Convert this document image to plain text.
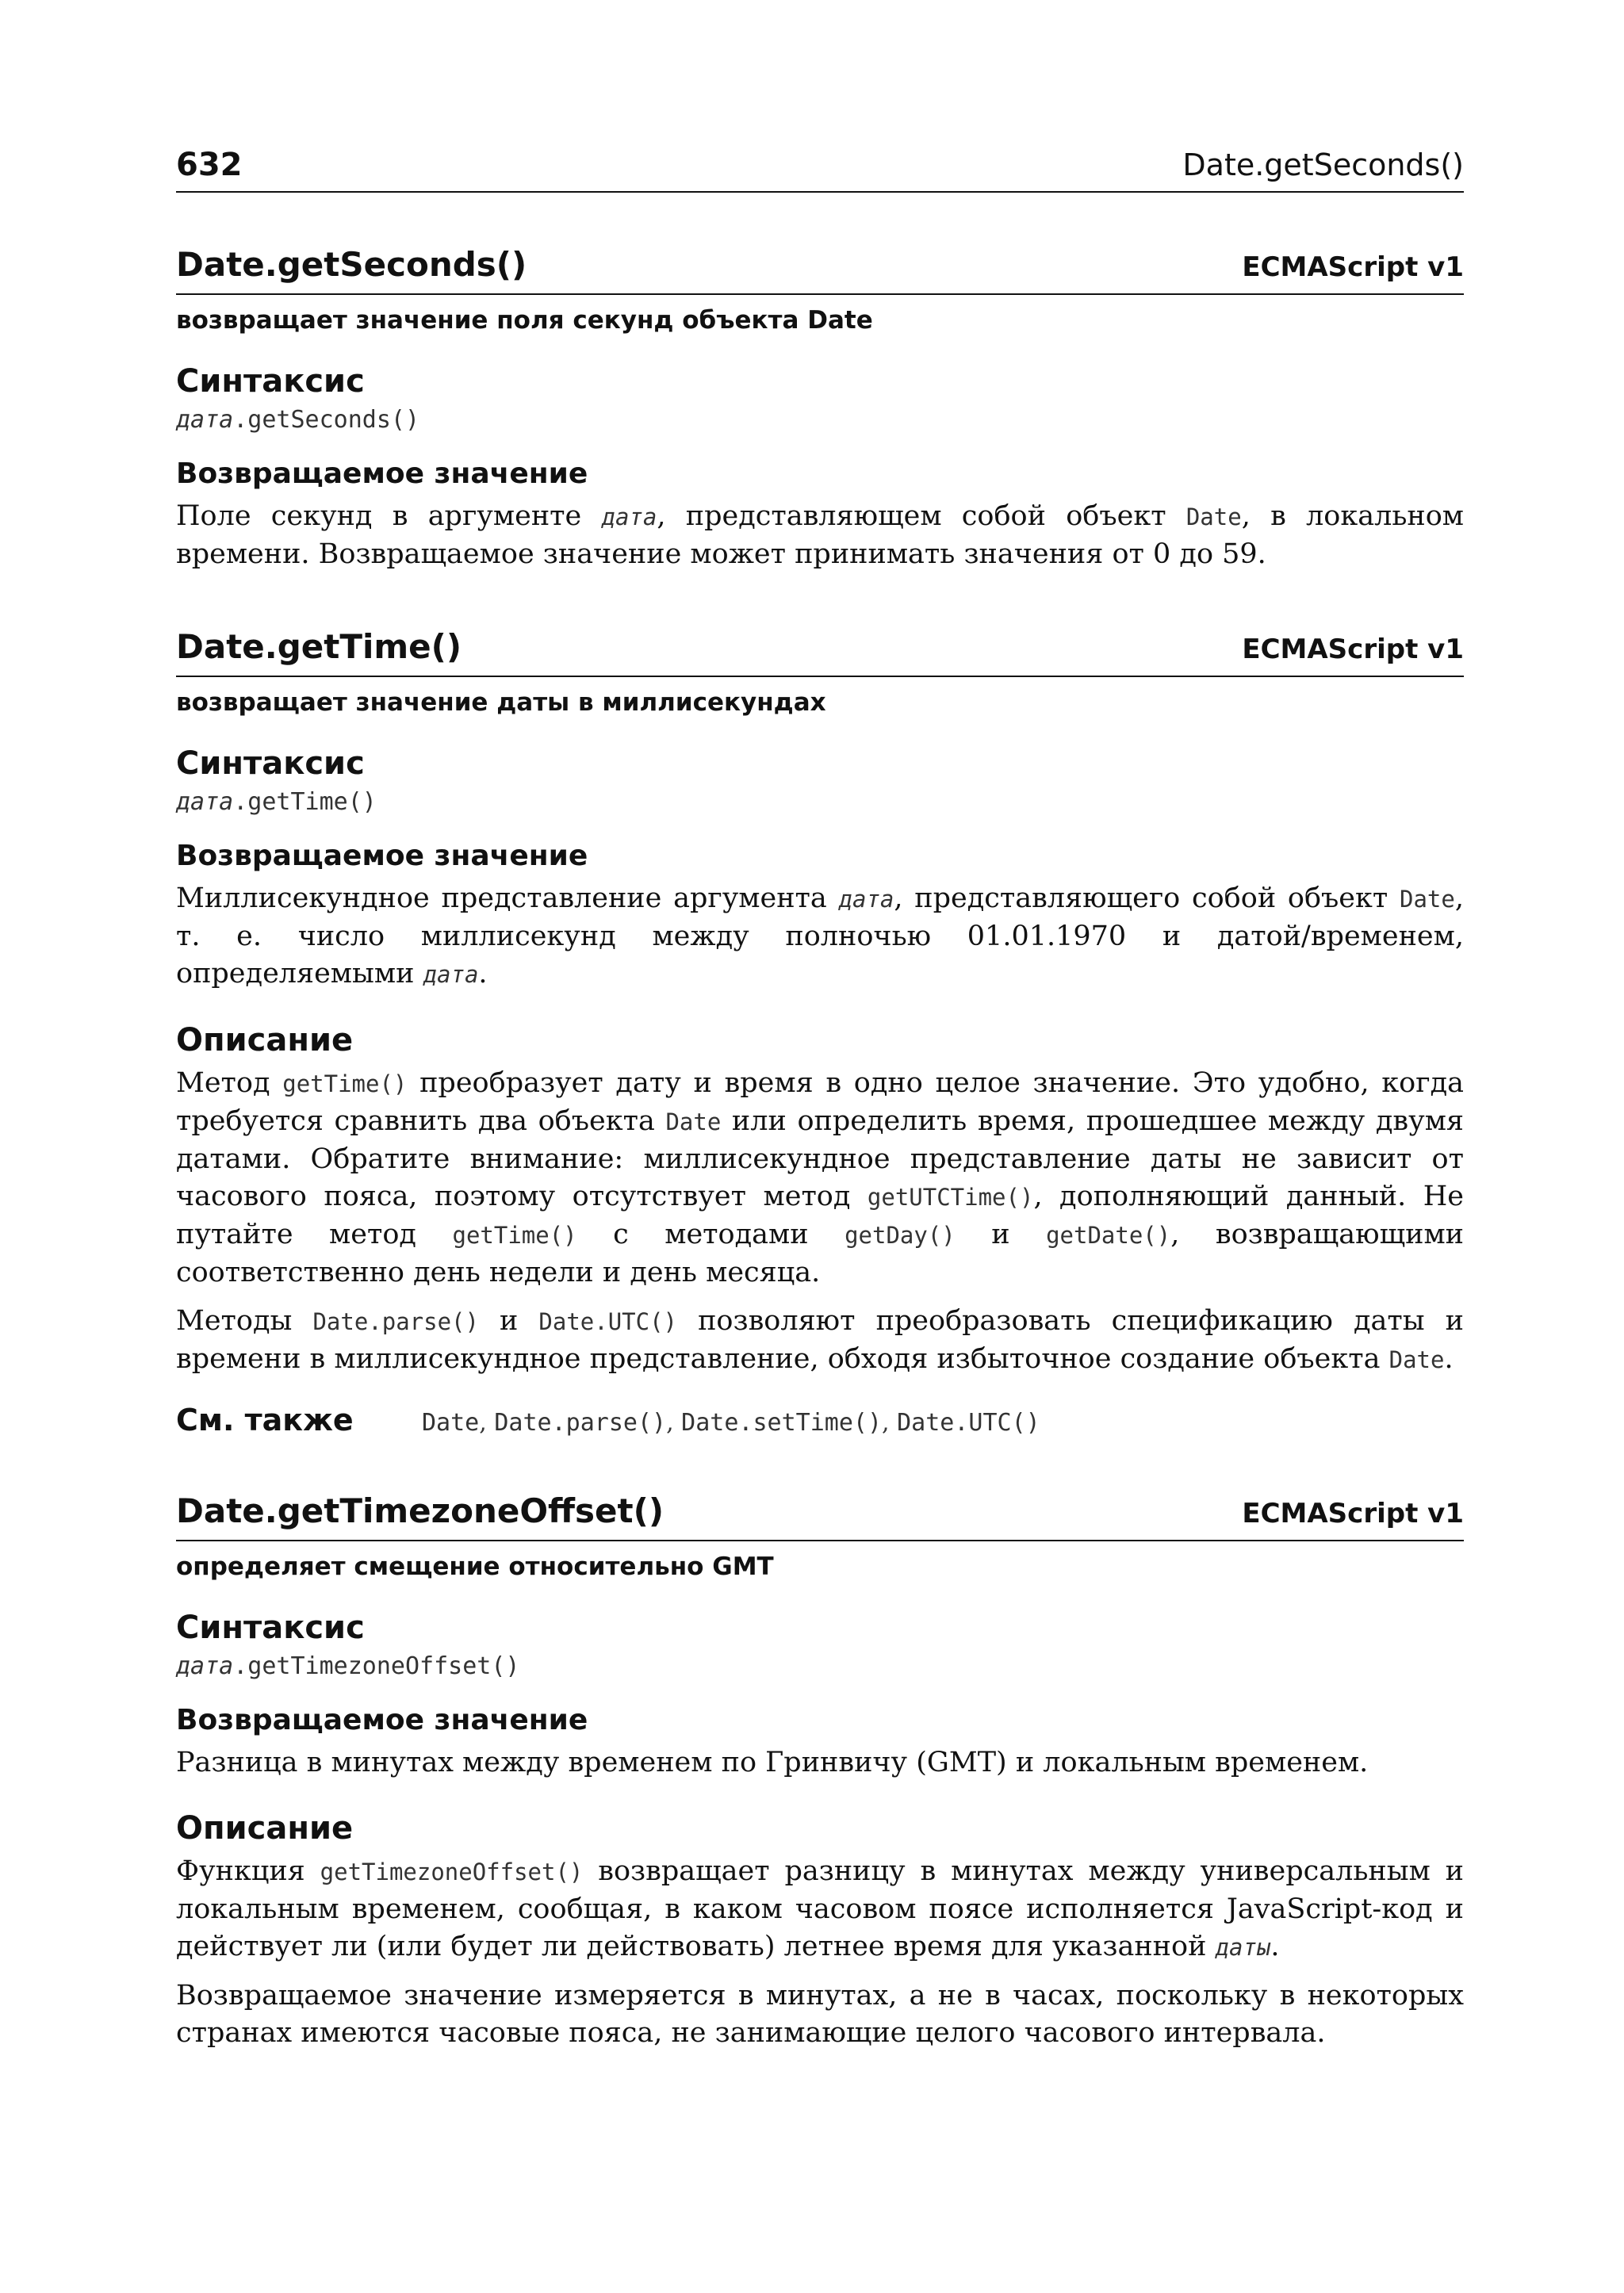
632	Date.getSeconds()
Date.getSeconds()	ECMAScript v1
возвращает значение поля секунд объекта Date
Синтаксис
дата.getSeconds()
Возвращаемое значение

Поле секунд в аргументе дата, представляющем собой объект Date, в локальном времени. Возвращаемое значение может принимать значения от 0 до 59.

Date.getTime()	ECMAScript v1
возвращает значение даты в миллисекундах
Синтаксис
дата.getTime()
Возвращаемое значение

Миллисекундное представление аргумента дата, представляющего собой объект Date, т. е. число миллисекунд между полночью 01.01.1970 и датой/временем, определяемыми дата.

Описание

Метод getTime() преобразует дату и время в одно целое значение. Это удобно, когда требуется сравнить два объекта Date или определить время, прошедшее между двумя датами. Обратите внимание: миллисекундное представление даты не зависит от часового пояса, поэтому отсутствует метод getUTCTime(), дополняющий данный. Не путайте метод getTime() с методами getDay() и getDate(), возвращающими соответственно день недели и день месяца.

Методы Date.parse() и Date.UTC() позволяют преобразовать спецификацию даты и времени в миллисекундное представление, обходя избыточное создание объекта Date.

См. также	Date, Date.parse(), Date.setTime(), Date.UTC()
Date.getTimezoneOffset()	ECMAScript v1
определяет смещение относительно GMT
Синтаксис
дата.getTimezoneOffset()
Возвращаемое значение

Разница в минутах между временем по Гринвичу (GMT) и локальным временем.

Описание

Функция getTimezoneOffset() возвращает разницу в минутах между универсальным и локальным временем, сообщая, в каком часовом поясе исполняется JavaScript-код и действует ли (или будет ли действовать) летнее время для указанной даты.

Возвращаемое значение измеряется в минутах, а не в часах, поскольку в некоторых странах имеются часовые пояса, не занимающие целого часового интервала.
